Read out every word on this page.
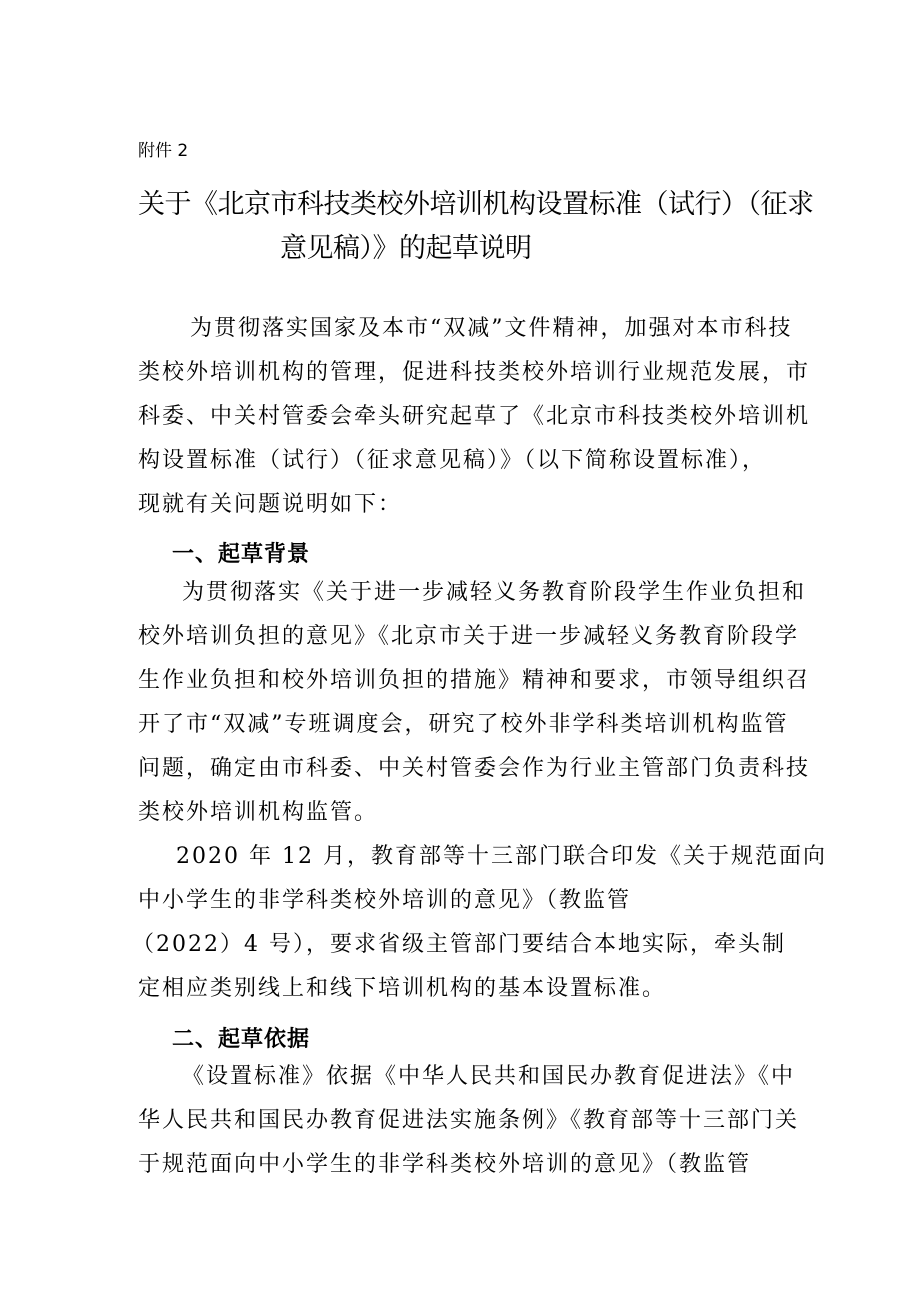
附件 2
关于《北京市科技类校外培训机构设置标准（试行）（征求
意见稿）》的起草说明
为贯彻落实国家及本市“双减”文件精神，加强对本市科技
类校外培训机构的管理，促进科技类校外培训行业规范发展，市
科委、中关村管委会牵头研究起草了《北京市科技类校外培训机
构设置标准（试行）（征求意见稿）》（以下简称设置标准），
现就有关问题说明如下：
一、起草背景
为贯彻落实《关于进一步减轻义务教育阶段学生作业负担和
校外培训负担的意见》《北京市关于进一步减轻义务教育阶段学
生作业负担和校外培训负担的措施》精神和要求，市领导组织召
开了市“双减”专班调度会，研究了校外非学科类培训机构监管
问题，确定由市科委、中关村管委会作为行业主管部门负责科技
类校外培训机构监管。
2020 年 12 月，教育部等十三部门联合印发《关于规范面向
中小学生的非学科类校外培训的意见》（教监管
（2022）4 号），要求省级主管部门要结合本地实际，牵头制
定相应类别线上和线下培训机构的基本设置标准。
二、起草依据
《设置标准》依据《中华人民共和国民办教育促进法》《中
华人民共和国民办教育促进法实施条例》《教育部等十三部门关
于规范面向中小学生的非学科类校外培训的意见》（教监管
